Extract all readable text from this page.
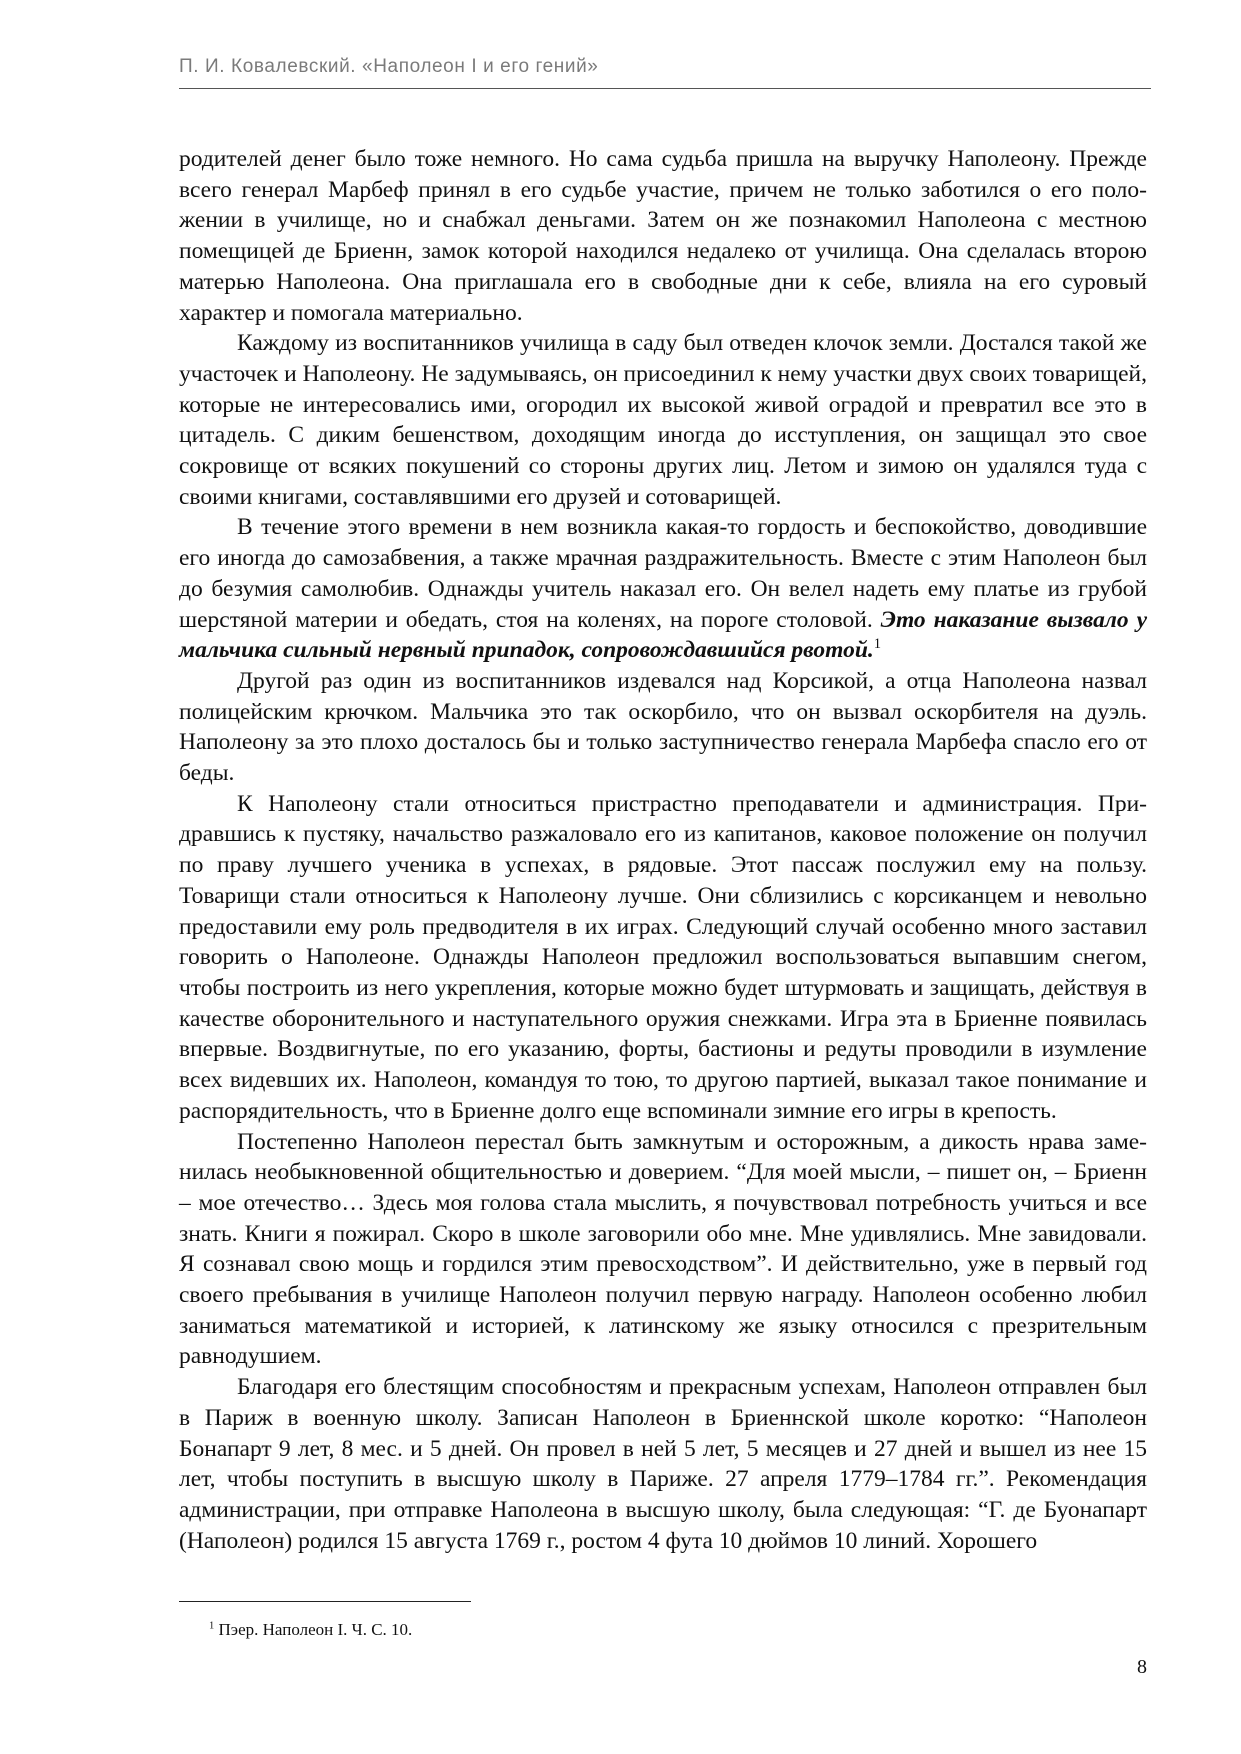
П. И. Ковалевский. «Наполеон I и его гений»

родителей денег было тоже немного. Но сама судьба пришла на выручку Наполеону. Прежде всего генерал Марбеф принял в его судьбе участие, причем не только заботился о его положении в училище, но и снабжал деньгами. Затем он же познакомил Наполеона с местною помещицей де Бриенн, замок которой находился недалеко от училища. Она сделалась второю матерью Наполеона. Она приглашала его в свободные дни к себе, влияла на его суровый характер и помогала материально.

Каждому из воспитанников училища в саду был отведен клочок земли. Достался такой же участочек и Наполеону. Не задумываясь, он присоединил к нему участки двух своих товарищей, которые не интересовались ими, огородил их высокой живой оградой и превратил все это в цитадель. С диким бешенством, доходящим иногда до исступления, он защищал это свое сокровище от всяких покушений со стороны других лиц. Летом и зимою он удалялся туда с своими книгами, составлявшими его друзей и сотоварищей.

В течение этого времени в нем возникла какая-то гордость и беспокойство, доводившие его иногда до самозабвения, а также мрачная раздражительность. Вместе с этим Наполеон был до безумия самолюбив. Однажды учитель наказал его. Он велел надеть ему платье из грубой шерстяной материи и обедать, стоя на коленях, на пороге столовой. Это наказание вызвало у мальчика сильный нервный припадок, сопровождавшийся рвотой.$^1$

Другой раз один из воспитанников издевался над Корсикой, а отца Наполеона назвал полицейским крючком. Мальчика это так оскорбило, что он вызвал оскорбителя на дуэль. Наполеону за это плохо досталось бы и только заступничество генерала Марбефа спасло его от беды.

К Наполеону стали относиться пристрастно преподаватели и администрация. Придравшись к пустяку, начальство разжаловало его из капитанов, каковое положение он получил по праву лучшего ученика в успехах, в рядовые. Этот пассаж послужил ему на пользу. Товарищи стали относиться к Наполеону лучше. Они сблизились с корсиканцем и невольно предоставили ему роль предводителя в их играх. Следующий случай особенно много заставил говорить о Наполеоне. Однажды Наполеон предложил воспользоваться выпавшим снегом, чтобы построить из него укрепления, которые можно будет штурмовать и защищать, действуя в качестве оборонительного и наступательного оружия снежками. Игра эта в Бриенне появилась впервые. Воздвигнутые, по его указанию, форты, бастионы и редуты проводили в изумление всех видевших их. Наполеон, командуя то тою, то другою партией, выказал такое понимание и распорядительность, что в Бриенне долго еще вспоминали зимние его игры в крепость.

Постепенно Наполеон перестал быть замкнутым и осторожным, а дикость нрава заменилась необыкновенной общительностью и доверием. “Для моей мысли, – пишет он, – Бриенн – мое отечество… Здесь моя голова стала мыслить, я почувствовал потребность учиться и все знать. Книги я пожирал. Скоро в школе заговорили обо мне. Мне удивлялись. Мне завидовали. Я сознавал свою мощь и гордился этим превосходством”. И действительно, уже в первый год своего пребывания в училище Наполеон получил первую награду. Наполеон особенно любил заниматься математикой и историей, к латинскому же языку относился с презрительным равнодушием.

Благодаря его блестящим способностям и прекрасным успехам, Наполеон отправлен был в Париж в военную школу. Записан Наполеон в Бриеннской школе коротко: “Наполеон Бонапарт 9 лет, 8 мес. и 5 дней. Он провел в ней 5 лет, 5 месяцев и 27 дней и вышел из нее 15 лет, чтобы поступить в высшую школу в Париже. 27 апреля 1779–1784 гг.”. Рекомендация администрации, при отправке Наполеона в высшую школу, была следующая: “Г. де Буонапарт (Наполеон) родился 15 августа 1769 г., ростом 4 фута 10 дюймов 10 линий. Хорошего

$^1$ Пэер. Наполеон I. Ч. С. 10.
8
